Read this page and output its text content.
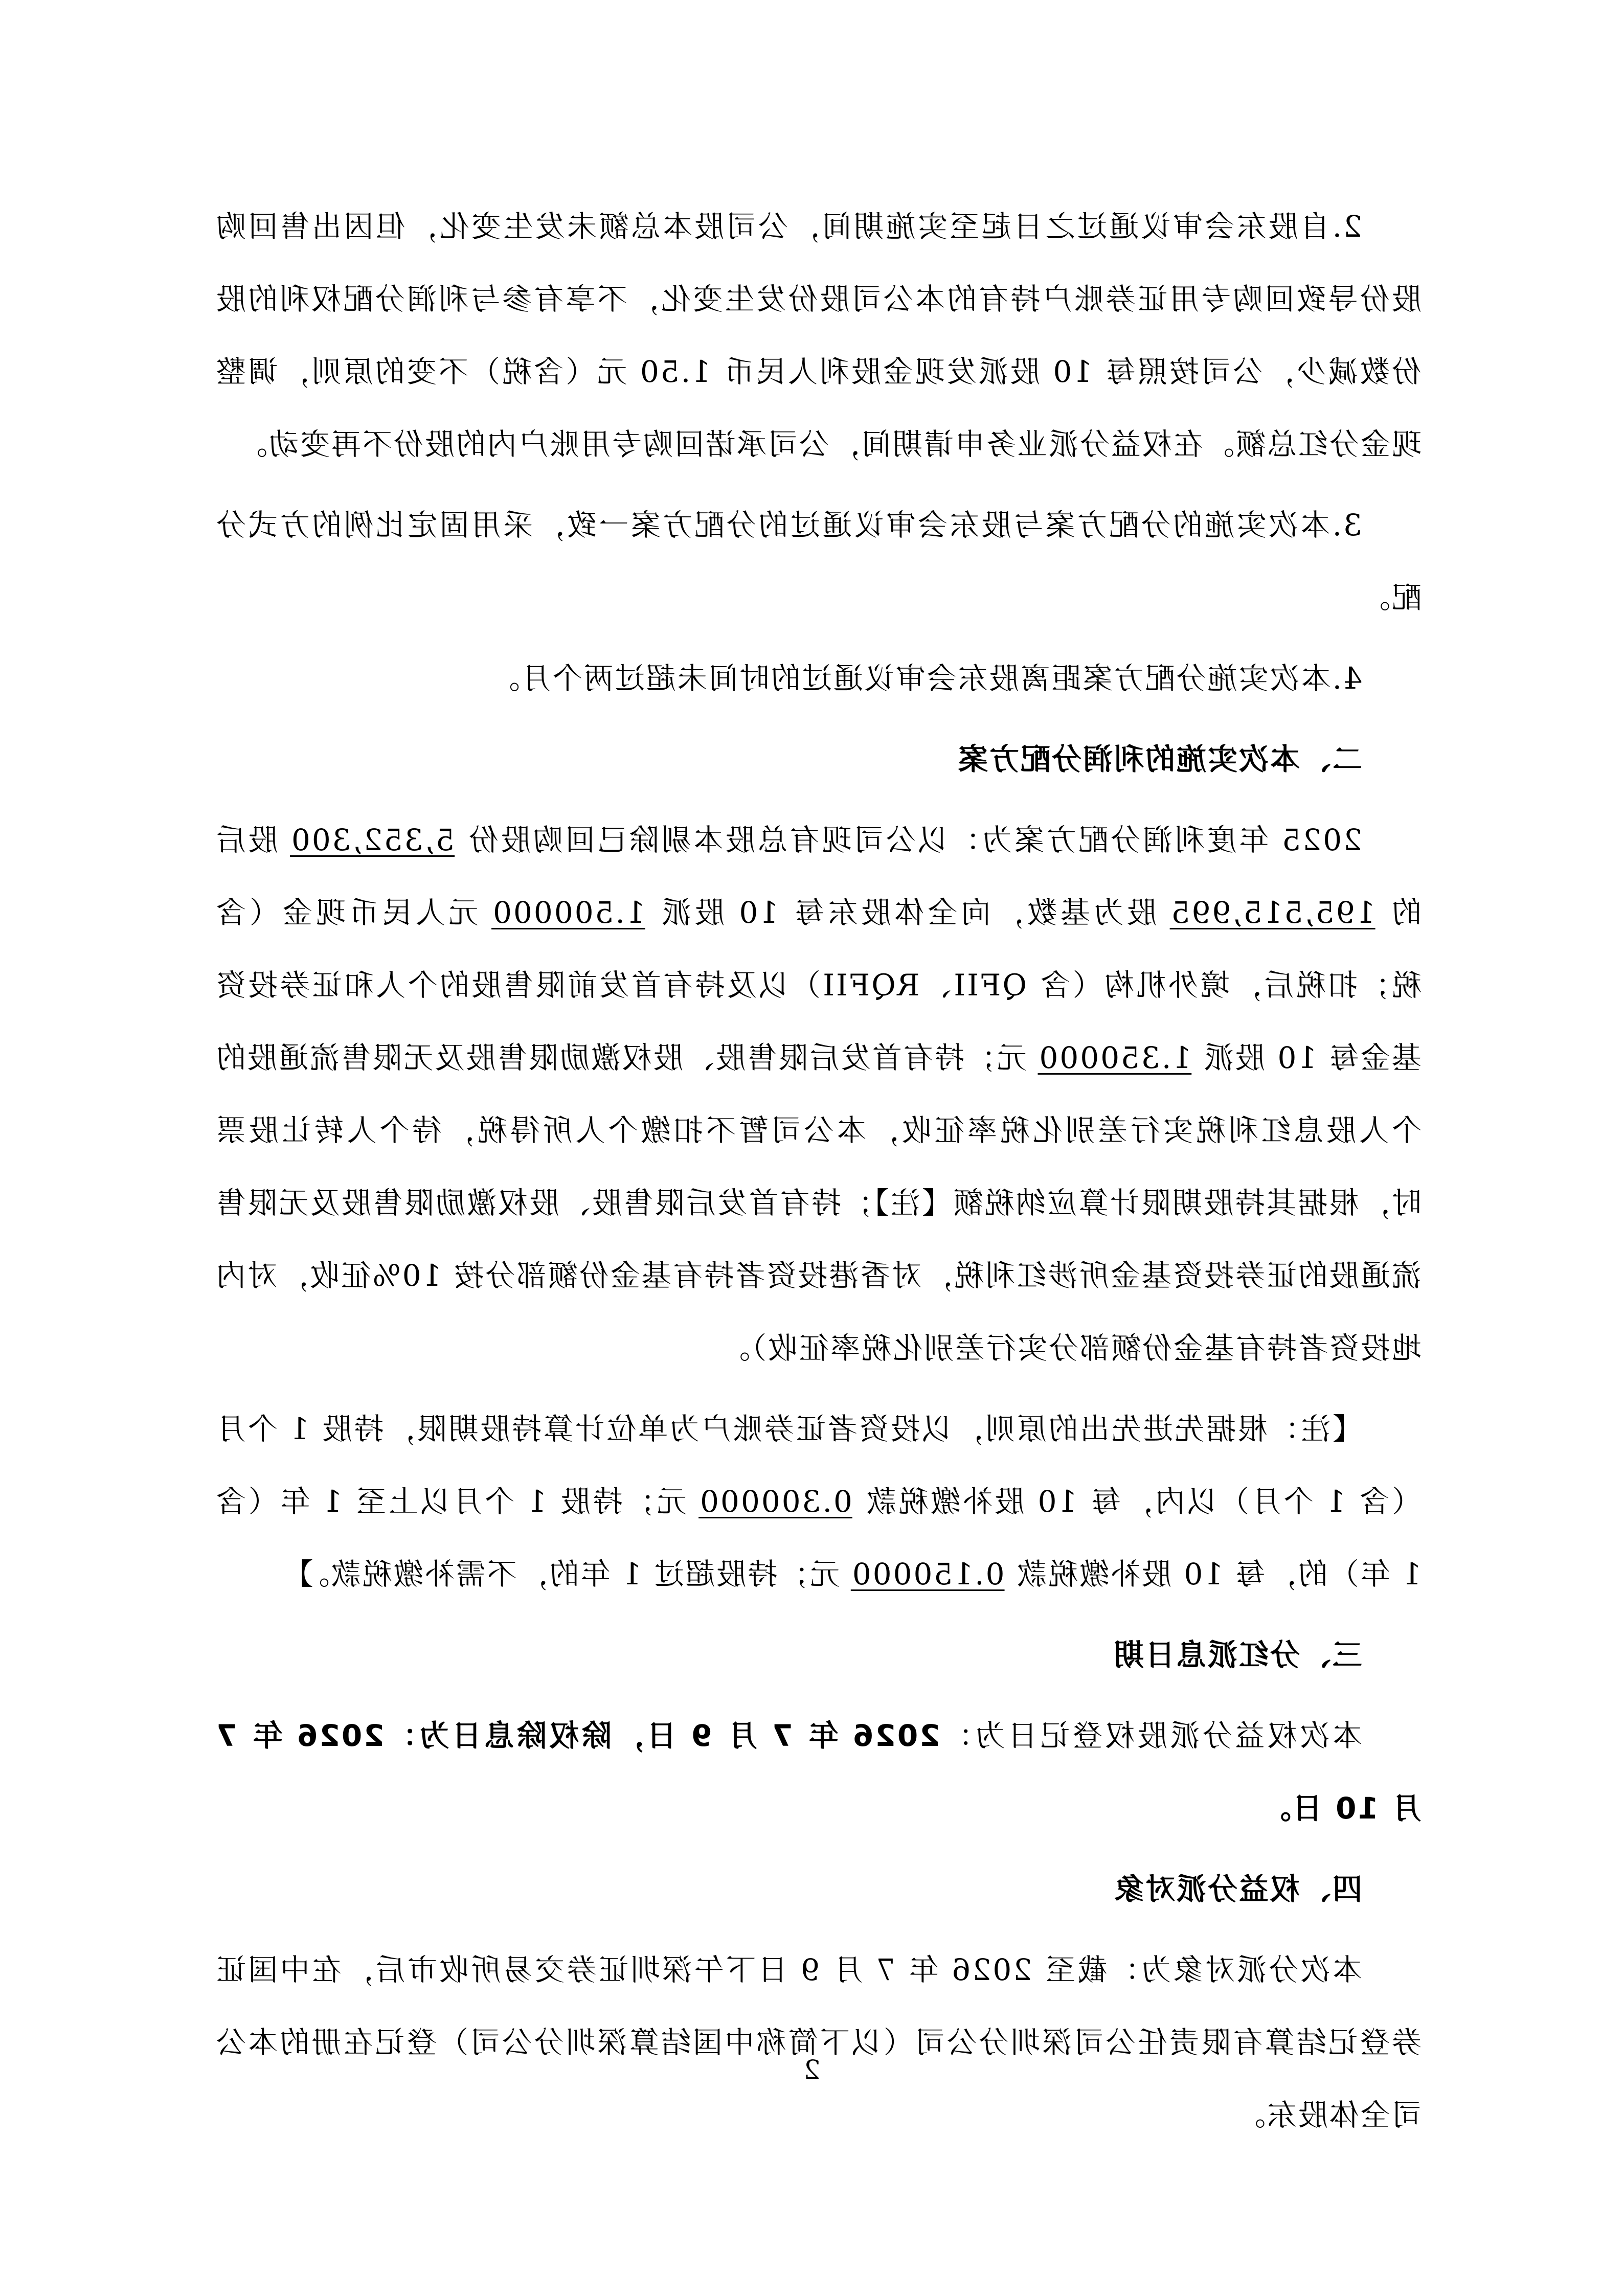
2.自股东会审议通过之日起至实施期间，公司股本总额未发生变化，但因出售回购股份导致回购专用证券账户持有的本公司股份发生变化，不享有参与利润分配权利的股份数减少，公司按照每 10 股派发现金股利人民币 1.50 元（含税）不变的原则，调整现金分红总额。在权益分派业务申请期间，公司承诺回购专用账户内的股份不再变动。

3.本次实施的分配方案与股东会审议通过的分配方案一致，采用固定比例的方式分配。

4.本次实施分配方案距离股东会审议通过的时间未超过两个月。

二、本次实施的利润分配方案

2025 年度利润分配方案为：以公司现有总股本剔除已回购股份 5,352,300 股后的 195,515,995 股为基数，向全体股东每 10 股派 1.500000 元人民币现金（含税；扣税后，境外机构（含 QFII、RQFII）以及持有首发前限售股的个人和证券投资基金每 10 股派 1.350000 元；持有首发后限售股、股权激励限售股及无限售流通股的个人股息红利税实行差别化税率征收，本公司暂不扣缴个人所得税，待个人转让股票时，根据其持股期限计算应纳税额【注】；持有首发后限售股、股权激励限售股及无限售流通股的证券投资基金所涉红利税，对香港投资者持有基金份额部分按 10%征收，对内地投资者持有基金份额部分实行差别化税率征收）。

【注：根据先进先出的原则，以投资者证券账户为单位计算持股期限，持股 1 个月（含 1 个月）以内，每 10 股补缴税款 0.300000 元；持股 1 个月以上至 1 年（含 1 年）的，每 10 股补缴税款 0.150000 元；持股超过 1 年的，不需补缴税款。】

三、分红派息日期

本次权益分派股权登记日为：2026 年 7 月 9 日，除权除息日为：2026 年 7 月 10 日。

四、权益分派对象

本次分派对象为：截至 2026 年 7 月 9 日下午深圳证券交易所收市后，在中国证券登记结算有限责任公司深圳分公司（以下简称中国结算深圳分公司）登记在册的本公司全体股东。

2
